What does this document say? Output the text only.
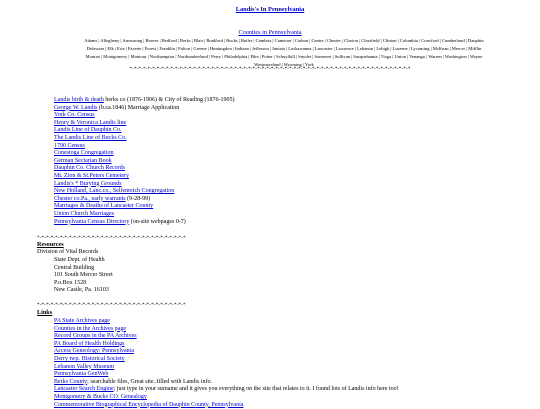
Landis's In Pennsylvania
Counties in Pennsylvania
Adams | Allegheny | Armstrong | Beaver | Bedford | Berks | Blair | Bradford | Bucks | Butler | Cambria | Cameron | Carbon | Centre | Chester | Clarion | Clearfield | Clinton | Columbia | Crawford | Cumberland | Dauphin
Delaware | Elk | Erie | Fayette | Forest | Franklin | Fulton | Greene | Huntingdon | Indiana | Jefferson | Juniata | Lackawanna | Lancaster | Lawrence | Lebanon | Lehigh | Luzerne | Lycoming | McKean | Mercer | Mifflin
Monroe | Montgomery | Montour | Northampton | Northumberland | Perry | Philadelphia | Pike | Potter | Schuylkill | Snyder | Somerset | Sullivan | Susquehanna | Tioga | Union | Venango | Warren | Washington | Wayne
Westmoreland | Wyoming | York
*-*-*-*-*-*-*-*-*-*-*-*-*-*-*-*-*-*-*-*-*-*-*-*-*-*-*-*-*-*-*-*-*-*-*-*-*-*-*-*-*-*-*-*-*-*-*-*-*-*-*-*-*-*-*-*-*-*-*-*-*-*
Landis birth & death berks co (1876-1906) & City of Reading (1876-1905)
George W. Landis (b.ca.1846) Marriage Application
York Co. Census
Henry & Veronica Landis line
Landis Line of Dauphin Co.
The Landis Line of Bucks Co.
1790 Census
Conestoga Congregation
German Sectarian Book
Dauphin Co. Church Records
Mt. Zion & St.Peters Cemetery
Landis's * Burying Grounds
New Holland, Lanc.co., Selfenreich Congregation
Chester co.Pa., early warrants (9-28-99)
Marriages & Deaths of Lancaster County
Union Church Marriages
Pennsylvania Census Directory (on-site webpages 0-7)
*-*-*-*-*-*-*-*-*-*-*-*-*-*-*-*-*-*-*-*-*-*-*-*-*-*-*-*-*-*-*-*-*
Resources
Division of Vital Records
State Dept. of Health
Central Building
101 South Mercer Street
P.o.Box 1528
New Castle, Pa. 16103
*-*-*-*-*-*-*-*-*-*-*-*-*-*-*-*-*-*-*-*-*-*-*-*-*-*-*-*-*-*-*-*-*
Links
PA State Archives page
Counties in the Archives page
Record Groups in the PA Archives
PA Board of Health Holdings
Access Geneology: Pennsylvania
Derry twp. Historical Society
Lebanon Valley Museum
Pennsylvania GenWeb
Berks County; searchable files, Great site..filled with Landis info.
Lancaster Search Engine; just type in your surname and it gives you everything on the site that relates to it. I found lots of Landis info here too!
Montgomery & Bucks CO. Genealogy
Commemorative Biographical Encyclopedia of Dauphin County, Pennsylvania
